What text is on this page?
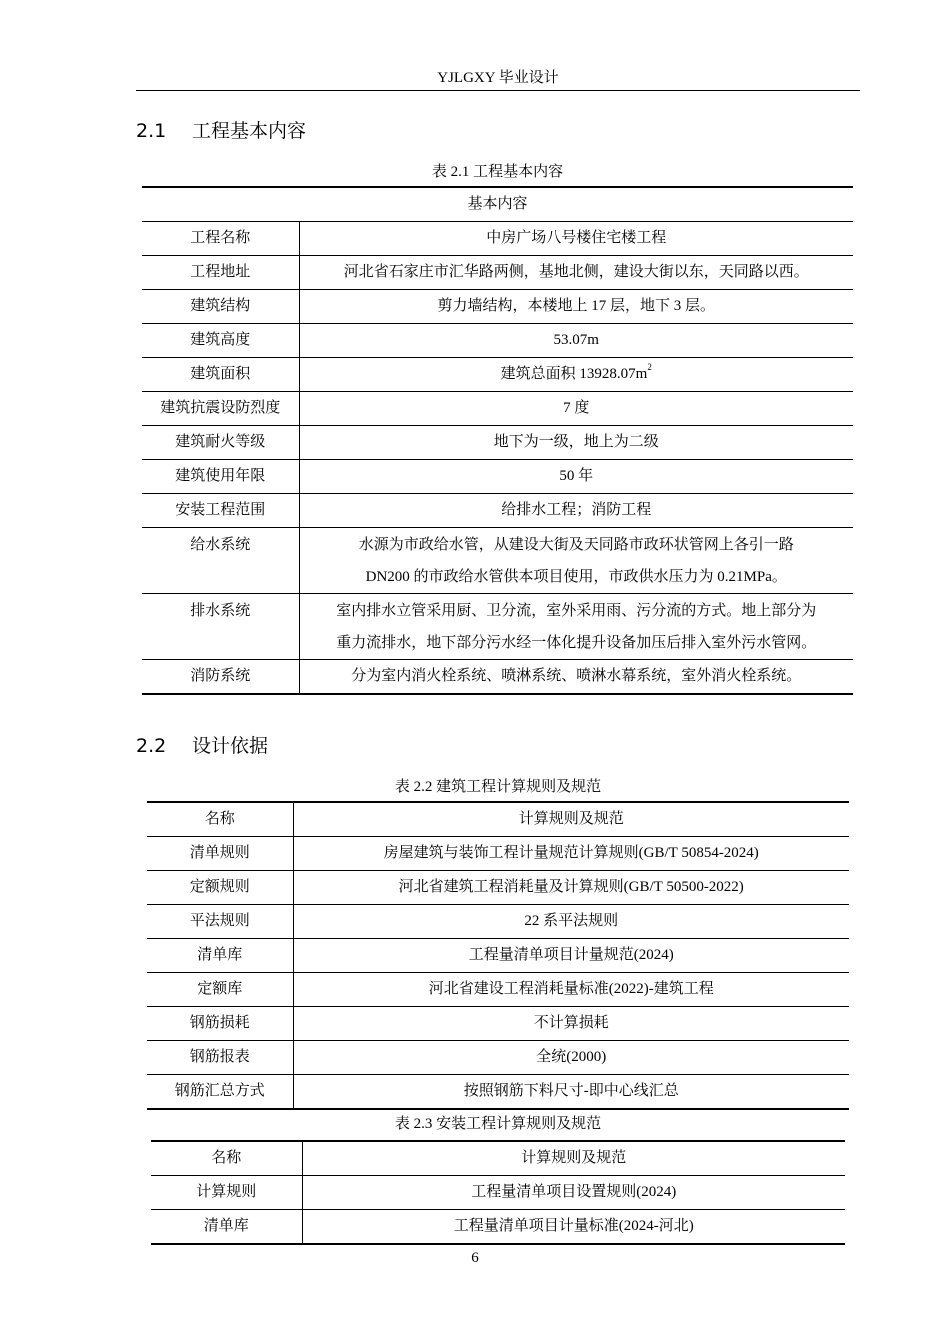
YJLGXY 毕业设计
2.1 工程基本内容
表 2.1 工程基本内容
基本内容	
工程名称	中房广场八号楼住宅楼工程
工程地址	河北省石家庄市汇华路两侧，基地北侧，建设大街以东，天同路以西。
建筑结构	剪力墙结构，本楼地上 17 层，地下 3 层。
建筑高度	53.07m
建筑面积	建筑总面积 $13928.07m^2$
建筑抗震设防烈度	7 度
建筑耐火等级	地下为一级，地上为二级
建筑使用年限	50 年
安装工程范围	给排水工程；消防工程
给水系统	水源为市政给水管，从建设大街及天同路市政环状管网上各引一路
DN200 的市政给水管供本项目使用，市政供水压力为 0.21MPa。

排水系统	室内排水立管采用厨、卫分流，室外采用雨、污分流的方式。地上部分为
重力流排水，地下部分污水经一体化提升设备加压后排入室外污水管网。

消防系统	分为室内消火栓系统、喷淋系统、喷淋水幕系统，室外消火栓系统。
2.2 设计依据
表 2.2 建筑工程计算规则及规范
名称	计算规则及规范
清单规则	房屋建筑与装饰工程计量规范计算规则(GB/T 50854-2024)
定额规则	河北省建筑工程消耗量及计算规则(GB/T 50500-2022)
平法规则	22 系平法规则
清单库	工程量清单项目计量规范(2024)
定额库	河北省建设工程消耗量标准(2022)-建筑工程
钢筋损耗	不计算损耗
钢筋报表	全统(2000)
钢筋汇总方式	按照钢筋下料尺寸-即中心线汇总
表 2.3 安装工程计算规则及规范
名称	计算规则及规范
计算规则	工程量清单项目设置规则(2024)
清单库	工程量清单项目计量标准(2024-河北)
6
